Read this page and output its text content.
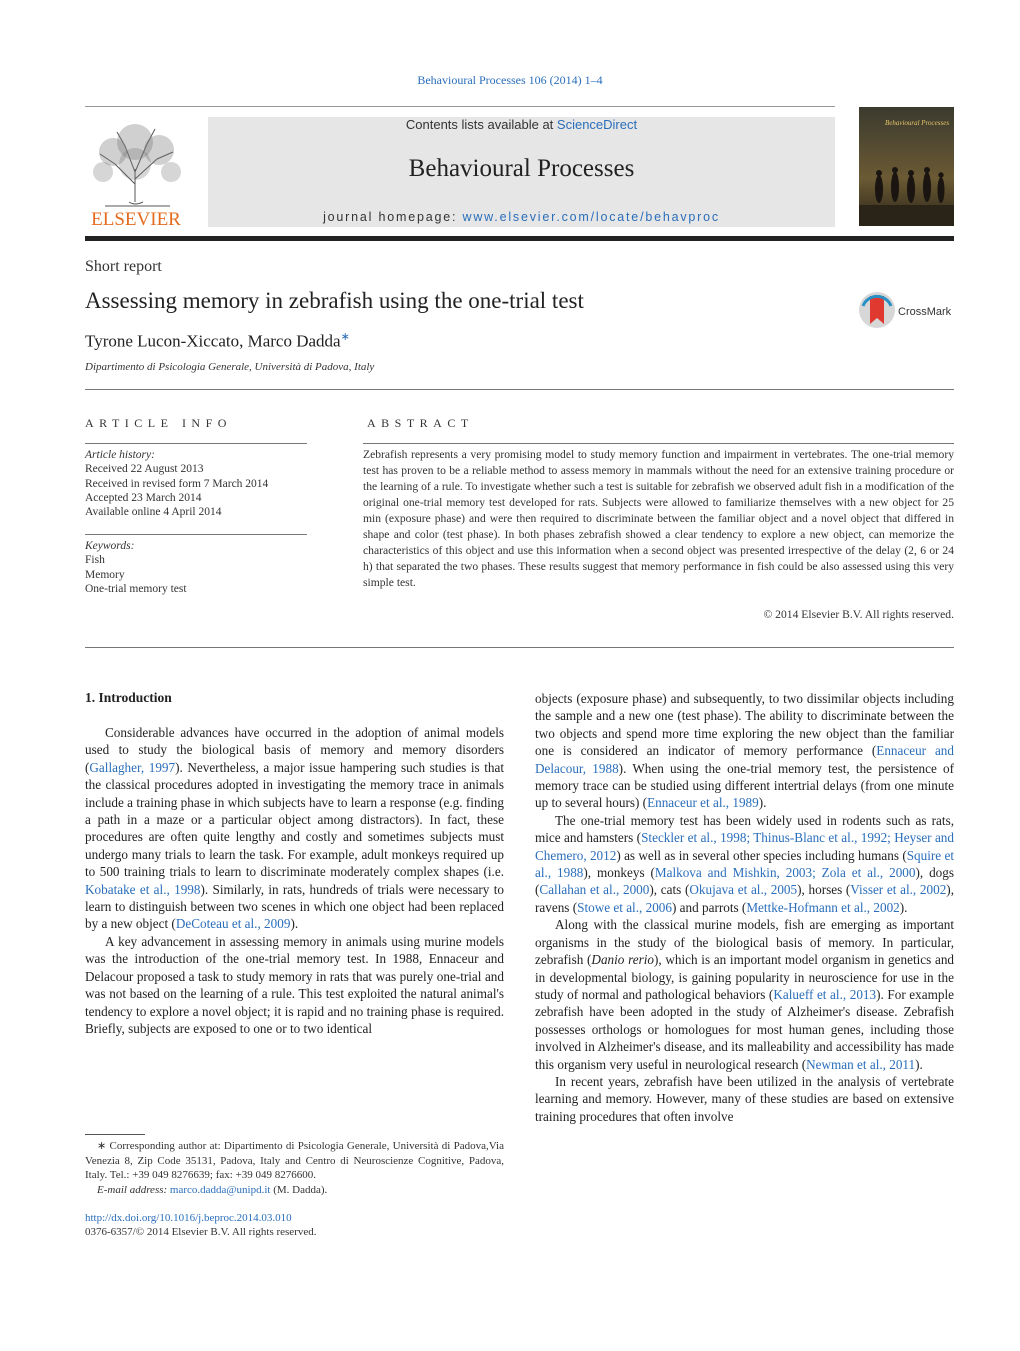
Behavioural Processes 106 (2014) 1–4
ELSEVIER
Contents lists available at ScienceDirect
Behavioural Processes
journal homepage: www.elsevier.com/locate/behavproc
Behavioural Processes
Short report
Assessing memory in zebrafish using the one-trial test	CrossMark
Tyrone Lucon-Xiccato, Marco Dadda∗
Dipartimento di Psicologia Generale, Università di Padova, Italy
ARTICLE INFO
Article history:
Received 22 August 2013
Received in revised form 7 March 2014
Accepted 23 March 2014
Available online 4 April 2014
Keywords:
Fish
Memory
One-trial memory test
ABSTRACT
Zebrafish represents a very promising model to study memory function and impairment in vertebrates. The one-trial memory test has proven to be a reliable method to assess memory in mammals without the need for an extensive training procedure or the learning of a rule. To investigate whether such a test is suitable for zebrafish we observed adult fish in a modification of the original one-trial memory test developed for rats. Subjects were allowed to familiarize themselves with a new object for 25 min (exposure phase) and were then required to discriminate between the familiar object and a novel object that differed in shape and color (test phase). In both phases zebrafish showed a clear tendency to explore a new object, can memorize the characteristics of this object and use this information when a second object was presented irrespective of the delay (2, 6 or 24 h) that separated the two phases. These results suggest that memory performance in fish could be also assessed using this very simple test.
© 2014 Elsevier B.V. All rights reserved.
1. Introduction

Considerable advances have occurred in the adoption of animal models used to study the biological basis of memory and memory disorders (Gallagher, 1997). Nevertheless, a major issue hampering such studies is that the classical procedures adopted in investigating the memory trace in animals include a training phase in which subjects have to learn a response (e.g. finding a path in a maze or a particular object among distractors). In fact, these procedures are often quite lengthy and costly and sometimes subjects must undergo many trials to learn the task. For example, adult monkeys required up to 500 training trials to learn to discriminate moderately complex shapes (i.e. Kobatake et al., 1998). Similarly, in rats, hundreds of trials were necessary to learn to distinguish between two scenes in which one object had been replaced by a new object (DeCoteau et al., 2009).

A key advancement in assessing memory in animals using murine models was the introduction of the one-trial memory test. In 1988, Ennaceur and Delacour proposed a task to study memory in rats that was purely one-trial and was not based on the learning of a rule. This test exploited the natural animal's tendency to explore a novel object; it is rapid and no training phase is required. Briefly, subjects are exposed to one or to two identical

objects (exposure phase) and subsequently, to two dissimilar objects including the sample and a new one (test phase). The ability to discriminate between the two objects and spend more time exploring the new object than the familiar one is considered an indicator of memory performance (Ennaceur and Delacour, 1988). When using the one-trial memory test, the persistence of memory trace can be studied using different intertrial delays (from one minute up to several hours) (Ennaceur et al., 1989).

The one-trial memory test has been widely used in rodents such as rats, mice and hamsters (Steckler et al., 1998; Thinus-Blanc et al., 1992; Heyser and Chemero, 2012) as well as in several other species including humans (Squire et al., 1988), monkeys (Malkova and Mishkin, 2003; Zola et al., 2000), dogs (Callahan et al., 2000), cats (Okujava et al., 2005), horses (Visser et al., 2002), ravens (Stowe et al., 2006) and parrots (Mettke-Hofmann et al., 2002).

Along with the classical murine models, fish are emerging as important organisms in the study of the biological basis of memory. In particular, zebrafish (Danio rerio), which is an important model organism in genetics and in developmental biology, is gaining popularity in neuroscience for use in the study of normal and pathological behaviors (Kalueff et al., 2013). For example zebrafish have been adopted in the study of Alzheimer's disease. Zebrafish possesses orthologs or homologues for most human genes, including those involved in Alzheimer's disease, and its malleability and accessibility has made this organism very useful in neurological research (Newman et al., 2011).

In recent years, zebrafish have been utilized in the analysis of vertebrate learning and memory. However, many of these studies are based on extensive training procedures that often involve

∗ Corresponding author at: Dipartimento di Psicologia Generale, Università di Padova,Via Venezia 8, Zip Code 35131, Padova, Italy and Centro di Neuroscienze Cognitive, Padova, Italy. Tel.: +39 049 8276639; fax: +39 049 8276600.

E-mail address: marco.dadda@unipd.it (M. Dadda).

http://dx.doi.org/10.1016/j.beproc.2014.03.010
0376-6357/© 2014 Elsevier B.V. All rights reserved.
